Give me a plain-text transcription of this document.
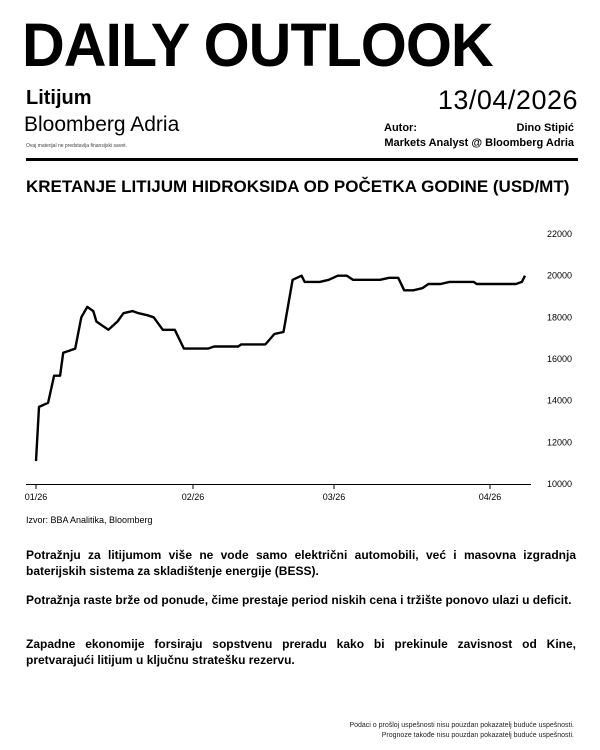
DAILY OUTLOOK
Litijum
Bloomberg Adria
Ovaj materijal ne predstavlja finansijski savet.
13/04/2026
Autor:	Dino Stipić
Markets Analyst @ Bloomberg Adria
KRETANJE LITIJUM HIDROKSIDA OD POČETKA GODINE (USD/MT)
01/26	02/26	03/26	04/26
22000
20000
18000
16000
14000
12000
10000
Izvor: BBA Analitika, Bloomberg
Potražnju za litijumom više ne vode samo električni automobili, već i masovna izgradnja baterijskih sistema za skladištenje energije (BESS).
Potražnja raste brže od ponude, čime prestaje period niskih cena i tržište ponovo ulazi u deficit.
Zapadne ekonomije forsiraju sopstvenu preradu kako bi prekinule zavisnost od Kine, pretvarajući litijum u ključnu stratešku rezervu.
Podaci o prošloj uspešnosti nisu pouzdan pokazatelj buduće uspešnosti.
Prognoze takođe nisu pouzdan pokazatelj buduće uspešnosti.
